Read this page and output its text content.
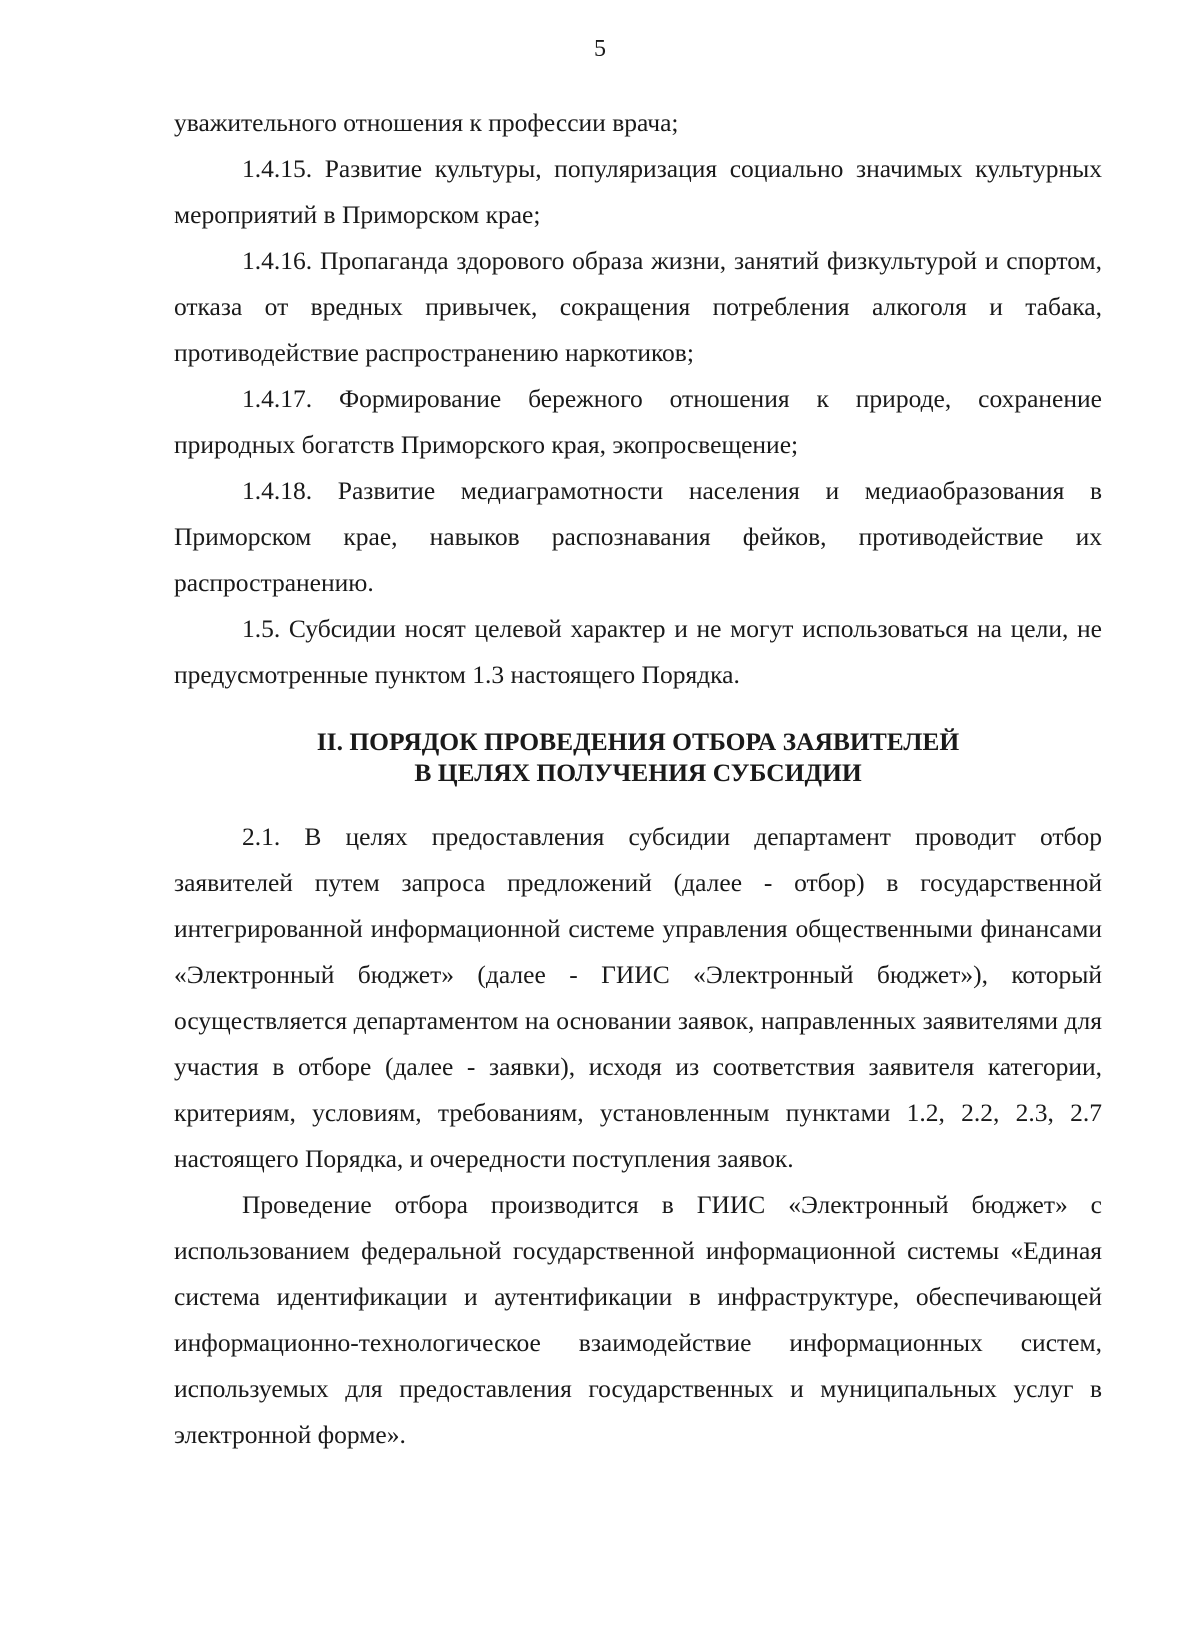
5

уважительного отношения к профессии врача;

1.4.15. Развитие культуры, популяризация социально значимых культурных мероприятий в Приморском крае;

1.4.16. Пропаганда здорового образа жизни, занятий физкультурой и спортом, отказа от вредных привычек, сокращения потребления алкоголя и табака, противодействие распространению наркотиков;

1.4.17. Формирование бережного отношения к природе, сохранение природных богатств Приморского края, экопросвещение;

1.4.18. Развитие медиаграмотности населения и медиаобразования в Приморском крае, навыков распознавания фейков, противодействие их распространению.

1.5. Субсидии носят целевой характер и не могут использоваться на цели, не предусмотренные пунктом 1.3 настоящего Порядка.

II. ПОРЯДОК ПРОВЕДЕНИЯ ОТБОРА ЗАЯВИТЕЛЕЙ
В ЦЕЛЯХ ПОЛУЧЕНИЯ СУБСИДИИ

2.1. В целях предоставления субсидии департамент проводит отбор заявителей путем запроса предложений (далее - отбор) в государственной интегрированной информационной системе управления общественными финансами «Электронный бюджет» (далее - ГИИС «Электронный бюджет»), который осуществляется департаментом на основании заявок, направленных заявителями для участия в отборе (далее - заявки), исходя из соответствия заявителя категории, критериям, условиям, требованиям, установленным пунктами 1.2, 2.2, 2.3, 2.7 настоящего Порядка, и очередности поступления заявок.

Проведение отбора производится в ГИИС «Электронный бюджет» с использованием федеральной государственной информационной системы «Единая система идентификации и аутентификации в инфраструктуре, обеспечивающей информационно-технологическое взаимодействие информационных систем, используемых для предоставления государственных и муниципальных услуг в электронной форме».
